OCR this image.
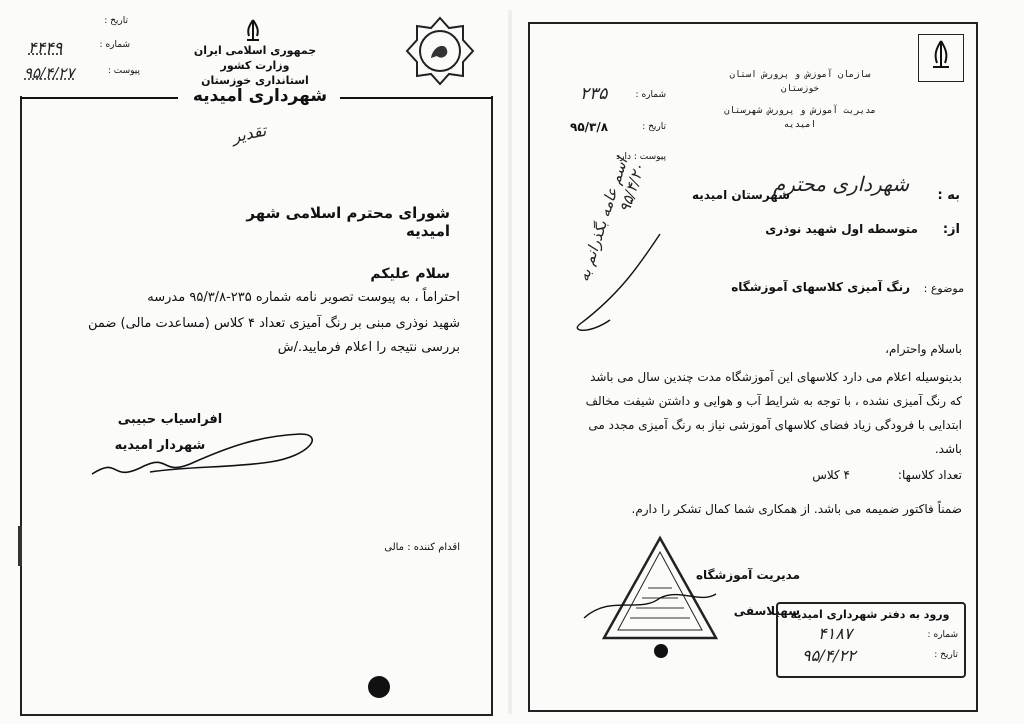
تاریخ :
شماره :
پیوست :
۴۴۴۹
۹۵/۴/۲۷
جمهوری اسلامی ایران
وزارت کشور
استانداری خوزستان
شهرداری امیدیه
تقدیر
شورای محترم اسلامی شهر امیدیه
سلام علیکم
احتراماً ، به پیوست تصویر نامه شماره ۲۳۵-۹۵/۳/۸ مدرسه
شهید نوذری مبنی بر رنگ آمیزی تعداد ۴ کلاس (مساعدت مالی) ضمن
بررسی نتیجه را اعلام فرمایید./ش
افراسیاب حبیبی
شهردار امیدیه
اقدام کننده : مالی
سازمان آموزش و پرورش استان
خوزستان
مدیریت آموزش و پرورش شهرستان
امیدیه
شماره :
۲۳۵
تاریخ :
۹۵/۳/۸
پیوست : دارد
به :
شهرداری محترم
شهرستان امیدیه
از:
متوسطه اول شهید نوذری
اسم عامه بگذرانم به ۹۵/۴/۲۰
موضوع :
رنگ آمیزی کلاسهای آموزشگاه
باسلام واحترام،
بدینوسیله اعلام می دارد کلاسهای این آموزشگاه مدت چندین سال می باشد
که رنگ آمیزی نشده ، با توجه به شرایط آب و هوایی و داشتن شیفت مخالف
ابتدایی با فرودگی زیاد فضای کلاسهای آموزشی نیاز به رنگ آمیزی مجدد می
باشد.
تعداد کلاسها:
۴ کلاس
ضمناً فاکتور ضمیمه می باشد. از همکاری شما کمال تشکر را دارم.
مدیریت آموزشگاه
سهیلاسفی
ورود به دفتر شهرداری امیدیه
شماره :
۴۱۸۷
تاریخ :
۹۵/۴/۲۲
